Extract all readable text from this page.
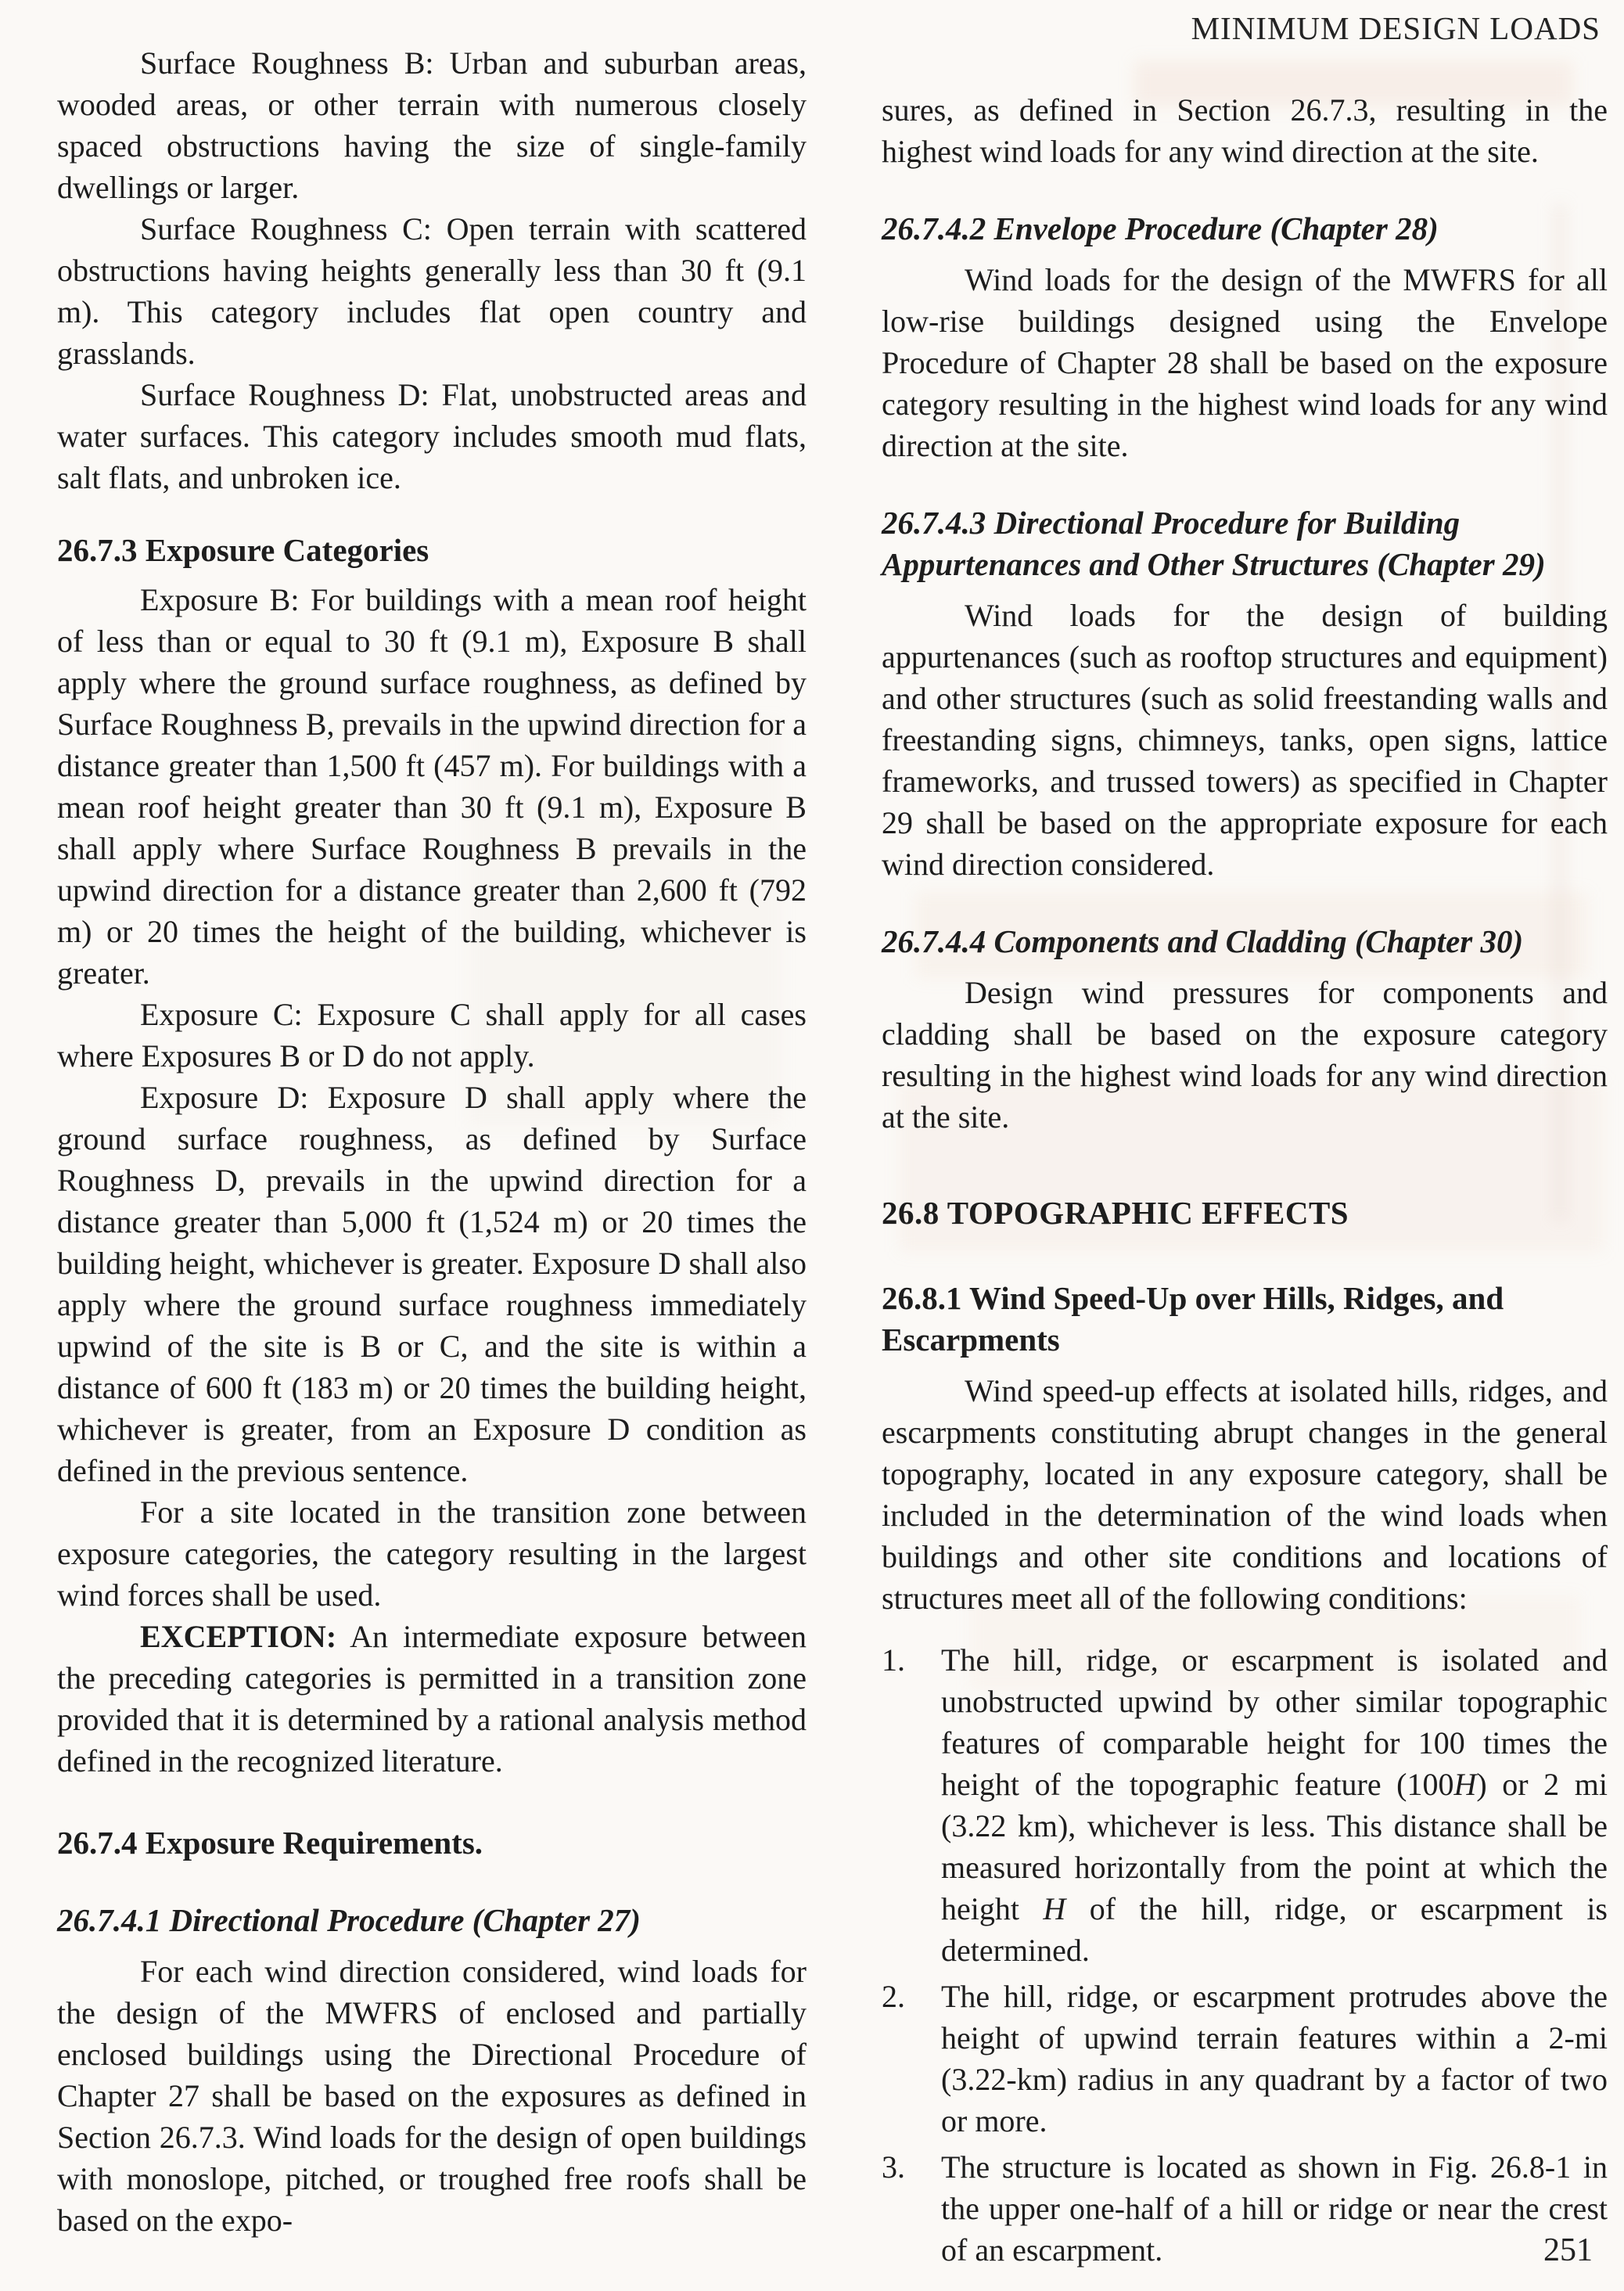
MINIMUM DESIGN LOADS

Surface Roughness B: Urban and suburban areas, wooded areas, or other terrain with numerous closely spaced obstructions having the size of single-family dwellings or larger.

Surface Roughness C: Open terrain with scattered obstructions having heights generally less than 30 ft (9.1 m). This category includes flat open country and grasslands.

Surface Roughness D: Flat, unobstructed areas and water surfaces. This category includes smooth mud flats, salt flats, and unbroken ice.

26.7.3 Exposure Categories

Exposure B: For buildings with a mean roof height of less than or equal to 30 ft (9.1 m), Exposure B shall apply where the ground surface roughness, as defined by Surface Roughness B, prevails in the upwind direction for a distance greater than 1,500 ft (457 m). For buildings with a mean roof height greater than 30 ft (9.1 m), Exposure B shall apply where Surface Roughness B prevails in the upwind direction for a distance greater than 2,600 ft (792 m) or 20 times the height of the building, whichever is greater.

Exposure C: Exposure C shall apply for all cases where Exposures B or D do not apply.

Exposure D: Exposure D shall apply where the ground surface roughness, as defined by Surface Roughness D, prevails in the upwind direction for a distance greater than 5,000 ft (1,524 m) or 20 times the building height, whichever is greater. Exposure D shall also apply where the ground surface roughness immediately upwind of the site is B or C, and the site is within a distance of 600 ft (183 m) or 20 times the building height, whichever is greater, from an Exposure D condition as defined in the previous sentence.

For a site located in the transition zone between exposure categories, the category resulting in the largest wind forces shall be used.

EXCEPTION: An intermediate exposure between the preceding categories is permitted in a transition zone provided that it is determined by a rational analysis method defined in the recognized literature.

26.7.4 Exposure Requirements.
26.7.4.1 Directional Procedure (Chapter 27)

For each wind direction considered, wind loads for the design of the MWFRS of enclosed and partially enclosed buildings using the Directional Procedure of Chapter 27 shall be based on the exposures as defined in Section 26.7.3. Wind loads for the design of open buildings with monoslope, pitched, or troughed free roofs shall be based on the expo-

sures, as defined in Section 26.7.3, resulting in the highest wind loads for any wind direction at the site.

26.7.4.2 Envelope Procedure (Chapter 28)

Wind loads for the design of the MWFRS for all low-rise buildings designed using the Envelope Procedure of Chapter 28 shall be based on the exposure category resulting in the highest wind loads for any wind direction at the site.

26.7.4.3 Directional Procedure for Building Appurtenances and Other Structures (Chapter 29)

Wind loads for the design of building appurtenances (such as rooftop structures and equipment) and other structures (such as solid freestanding walls and freestanding signs, chimneys, tanks, open signs, lattice frameworks, and trussed towers) as specified in Chapter 29 shall be based on the appropriate exposure for each wind direction considered.

26.7.4.4 Components and Cladding (Chapter 30)

Design wind pressures for components and cladding shall be based on the exposure category resulting in the highest wind loads for any wind direction at the site.

26.8 TOPOGRAPHIC EFFECTS
26.8.1 Wind Speed-Up over Hills, Ridges, and Escarpments

Wind speed-up effects at isolated hills, ridges, and escarpments constituting abrupt changes in the general topography, located in any exposure category, shall be included in the determination of the wind loads when buildings and other site conditions and locations of structures meet all of the following conditions:

1.	The hill, ridge, or escarpment is isolated and unobstructed upwind by other similar topographic features of comparable height for 100 times the height of the topographic feature (100H) or 2 mi (3.22 km), whichever is less. This distance shall be measured horizontally from the point at which the height H of the hill, ridge, or escarpment is determined.
2.	The hill, ridge, or escarpment protrudes above the height of upwind terrain features within a 2-mi (3.22-km) radius in any quadrant by a factor of two or more.
3.	The structure is located as shown in Fig. 26.8-1 in the upper one-half of a hill or ridge or near the crest of an escarpment.	251
